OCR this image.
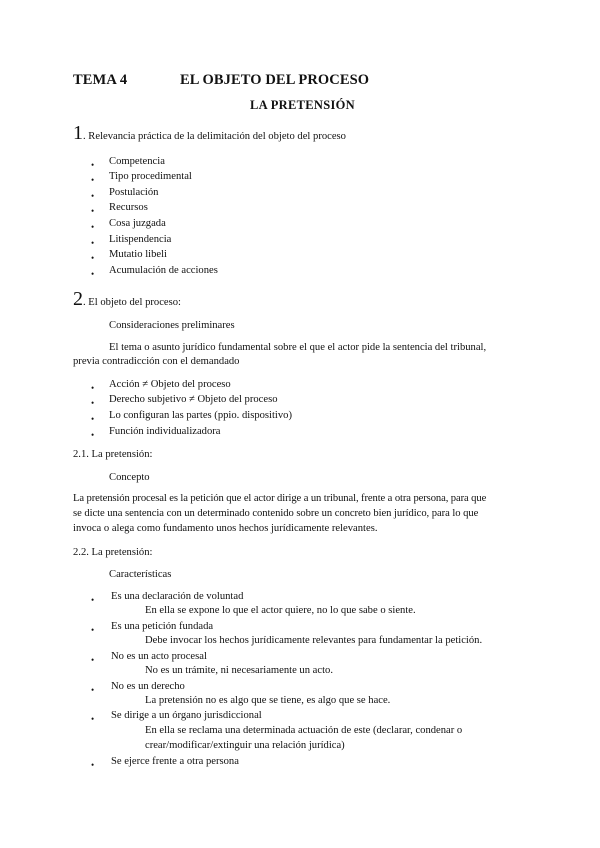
TEMA 4	EL OBJETO DEL PROCESO
LA PRETENSIÓN
1. Relevancia práctica de la delimitación del objeto del proceso
• Competencia
• Tipo procedimental
• Postulación
• Recursos
• Cosa juzgada
• Litispendencia
• Mutatio libeli
• Acumulación de acciones
2. El objeto del proceso:
Consideraciones preliminares
El tema o asunto jurídico fundamental sobre el que el actor pide la sentencia del tribunal,
previa contradicción con el demandado
• Acción ≠ Objeto del proceso
• Derecho subjetivo ≠ Objeto del proceso
• Lo configuran las partes (ppio. dispositivo)
• Función individualizadora
2.1. La pretensión:
Concepto
La pretensión procesal es la petición que el actor dirige a un tribunal, frente a otra persona, para que
se dicte una sentencia con un determinado contenido sobre un concreto bien jurídico, para lo que
invoca o alega como fundamento unos hechos jurídicamente relevantes.
2.2. La pretensión:
Características
• Es una declaración de voluntad
En ella se expone lo que el actor quiere, no lo que sabe o siente.
• Es una petición fundada
Debe invocar los hechos jurídicamente relevantes para fundamentar la petición.
• No es un acto procesal
No es un trámite, ni necesariamente un acto.
• No es un derecho
La pretensión no es algo que se tiene, es algo que se hace.
• Se dirige a un órgano jurisdiccional
En ella se reclama una determinada actuación de este (declarar, condenar o
crear/modificar/extinguir una relación jurídica)
• Se ejerce frente a otra persona
